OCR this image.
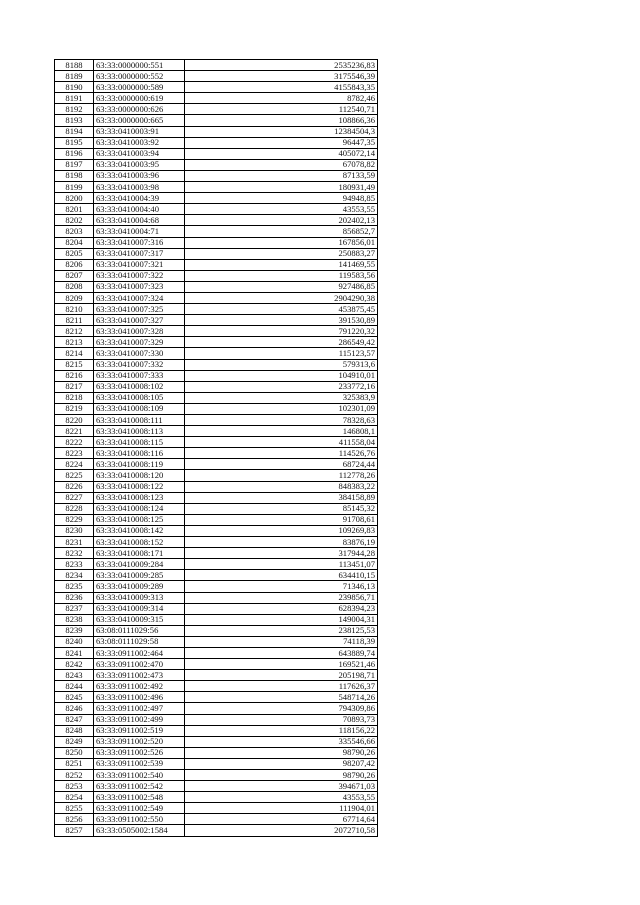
8188	63:33:0000000:551	2535236,83
8189	63:33:0000000:552	3175546,39
8190	63:33:0000000:589	4155843,35
8191	63:33:0000000:619	8782,46
8192	63:33:0000000:626	112540,71
8193	63:33:0000000:665	108866,36
8194	63:33:0410003:91	12384504,3
8195	63:33:0410003:92	96447,35
8196	63:33:0410003:94	405072,14
8197	63:33:0410003:95	67078,82
8198	63:33:0410003:96	87133,59
8199	63:33:0410003:98	180931,49
8200	63:33:0410004:39	94948,85
8201	63:33:0410004:40	43553,55
8202	63:33:0410004:68	202402,13
8203	63:33:0410004:71	856852,7
8204	63:33:0410007:316	167856,01
8205	63:33:0410007:317	250883,27
8206	63:33:0410007:321	141469,55
8207	63:33:0410007:322	119583,56
8208	63:33:0410007:323	927486,85
8209	63:33:0410007:324	2904290,38
8210	63:33:0410007:325	453875,45
8211	63:33:0410007:327	391530,89
8212	63:33:0410007:328	791220,32
8213	63:33:0410007:329	286549,42
8214	63:33:0410007:330	115123,57
8215	63:33:0410007:332	579313,6
8216	63:33:0410007:333	104910,01
8217	63:33:0410008:102	233772,16
8218	63:33:0410008:105	325383,9
8219	63:33:0410008:109	102301,09
8220	63:33:0410008:111	78328,63
8221	63:33:0410008:113	146808,1
8222	63:33:0410008:115	411558,04
8223	63:33:0410008:116	114526,76
8224	63:33:0410008:119	68724,44
8225	63:33:0410008:120	112778,26
8226	63:33:0410008:122	848383,22
8227	63:33:0410008:123	384158,89
8228	63:33:0410008:124	85145,32
8229	63:33:0410008:125	91708,61
8230	63:33:0410008:142	109269,83
8231	63:33:0410008:152	83876,19
8232	63:33:0410008:171	317944,28
8233	63:33:0410009:284	113451,07
8234	63:33:0410009:285	634410,15
8235	63:33:0410009:289	71346,13
8236	63:33:0410009:313	239856,71
8237	63:33:0410009:314	628394,23
8238	63:33:0410009:315	149004,31
8239	63:08:0111029:56	238125,53
8240	63:08:0111029:58	74118,39
8241	63:33:0911002:464	643889,74
8242	63:33:0911002:470	169521,46
8243	63:33:0911002:473	205198,71
8244	63:33:0911002:492	117626,37
8245	63:33:0911002:496	548714,26
8246	63:33:0911002:497	794309,86
8247	63:33:0911002:499	70893,73
8248	63:33:0911002:519	118156,22
8249	63:33:0911002:520	335546,66
8250	63:33:0911002:526	98790,26
8251	63:33:0911002:539	98207,42
8252	63:33:0911002:540	98790,26
8253	63:33:0911002:542	394671,03
8254	63:33:0911002:548	43553,55
8255	63:33:0911002:549	111904,01
8256	63:33:0911002:550	67714,64
8257	63:33:0505002:1584	2072710,58
